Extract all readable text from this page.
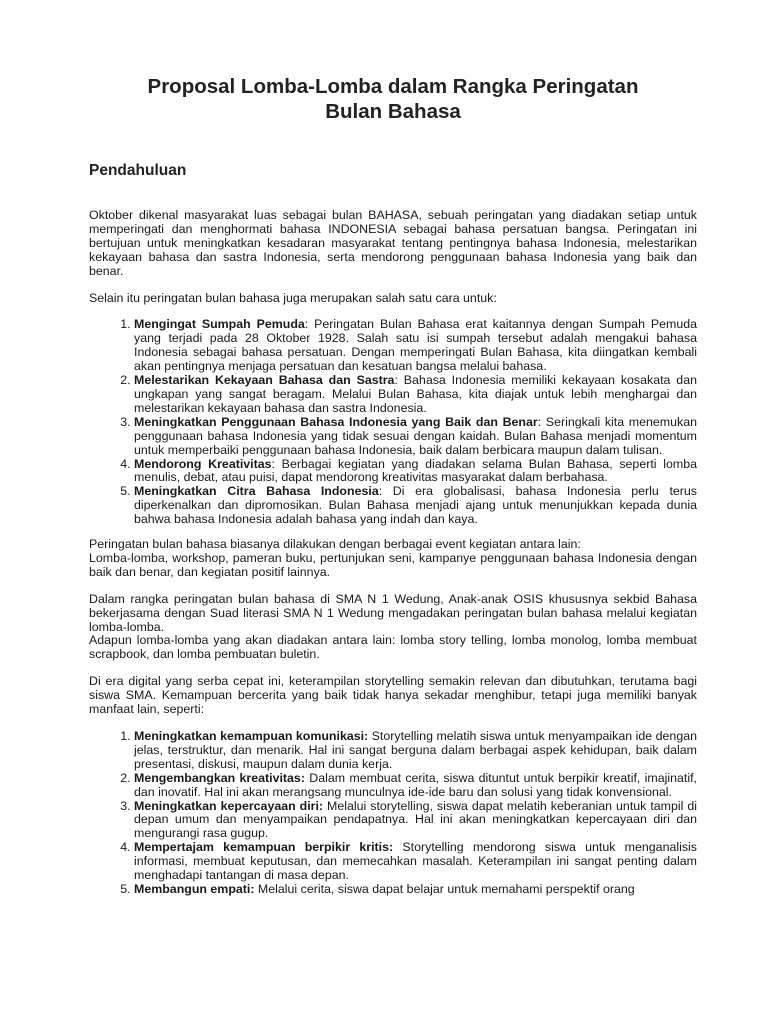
Proposal Lomba-Lomba dalam Rangka Peringatan
Bulan Bahasa
Pendahuluan

Oktober dikenal masyarakat luas sebagai bulan BAHASA, sebuah peringatan yang diadakan setiap untuk memperingati dan menghormati bahasa INDONESIA sebagai bahasa persatuan bangsa. Peringatan ini bertujuan untuk meningkatkan kesadaran masyarakat tentang pentingnya bahasa Indonesia, melestarikan kekayaan bahasa dan sastra Indonesia, serta mendorong penggunaan bahasa Indonesia yang baik dan benar.

Selain itu peringatan bulan bahasa juga merupakan salah satu cara untuk:

1. Mengingat Sumpah Pemuda: Peringatan Bulan Bahasa erat kaitannya dengan Sumpah Pemuda yang terjadi pada 28 Oktober 1928. Salah satu isi sumpah tersebut adalah mengakui bahasa Indonesia sebagai bahasa persatuan. Dengan memperingati Bulan Bahasa, kita diingatkan kembali akan pentingnya menjaga persatuan dan kesatuan bangsa melalui bahasa.
2. Melestarikan Kekayaan Bahasa dan Sastra: Bahasa Indonesia memiliki kekayaan kosakata dan ungkapan yang sangat beragam. Melalui Bulan Bahasa, kita diajak untuk lebih menghargai dan melestarikan kekayaan bahasa dan sastra Indonesia.
3. Meningkatkan Penggunaan Bahasa Indonesia yang Baik dan Benar: Seringkali kita menemukan penggunaan bahasa Indonesia yang tidak sesuai dengan kaidah. Bulan Bahasa menjadi momentum untuk memperbaiki penggunaan bahasa Indonesia, baik dalam berbicara maupun dalam tulisan.
4. Mendorong Kreativitas: Berbagai kegiatan yang diadakan selama Bulan Bahasa, seperti lomba menulis, debat, atau puisi, dapat mendorong kreativitas masyarakat dalam berbahasa.
5. Meningkatkan Citra Bahasa Indonesia: Di era globalisasi, bahasa Indonesia perlu terus diperkenalkan dan dipromosikan. Bulan Bahasa menjadi ajang untuk menunjukkan kepada dunia bahwa bahasa Indonesia adalah bahasa yang indah dan kaya.

Peringatan bulan bahasa biasanya dilakukan dengan berbagai event kegiatan antara lain:
Lomba-lomba, workshop, pameran buku, pertunjukan seni, kampanye penggunaan bahasa Indonesia dengan baik dan benar, dan kegiatan positif lainnya.

Dalam rangka peringatan bulan bahasa di SMA N 1 Wedung, Anak-anak OSIS khususnya sekbid Bahasa bekerjasama dengan Suad literasi SMA N 1 Wedung mengadakan peringatan bulan bahasa melalui kegiatan lomba-lomba.
Adapun lomba-lomba yang akan diadakan antara lain: lomba story telling, lomba monolog, lomba membuat scrapbook, dan lomba pembuatan buletin.

Di era digital yang serba cepat ini, keterampilan storytelling semakin relevan dan dibutuhkan, terutama bagi siswa SMA. Kemampuan bercerita yang baik tidak hanya sekadar menghibur, tetapi juga memiliki banyak manfaat lain, seperti:

1. Meningkatkan kemampuan komunikasi: Storytelling melatih siswa untuk menyampaikan ide dengan jelas, terstruktur, dan menarik. Hal ini sangat berguna dalam berbagai aspek kehidupan, baik dalam presentasi, diskusi, maupun dalam dunia kerja.
2. Mengembangkan kreativitas: Dalam membuat cerita, siswa dituntut untuk berpikir kreatif, imajinatif, dan inovatif. Hal ini akan merangsang munculnya ide-ide baru dan solusi yang tidak konvensional.
3. Meningkatkan kepercayaan diri: Melalui storytelling, siswa dapat melatih keberanian untuk tampil di depan umum dan menyampaikan pendapatnya. Hal ini akan meningkatkan kepercayaan diri dan mengurangi rasa gugup.
4. Mempertajam kemampuan berpikir kritis: Storytelling mendorong siswa untuk menganalisis informasi, membuat keputusan, dan memecahkan masalah. Keterampilan ini sangat penting dalam menghadapi tantangan di masa depan.
5. Membangun empati: Melalui cerita, siswa dapat belajar untuk memahami perspektif orang
